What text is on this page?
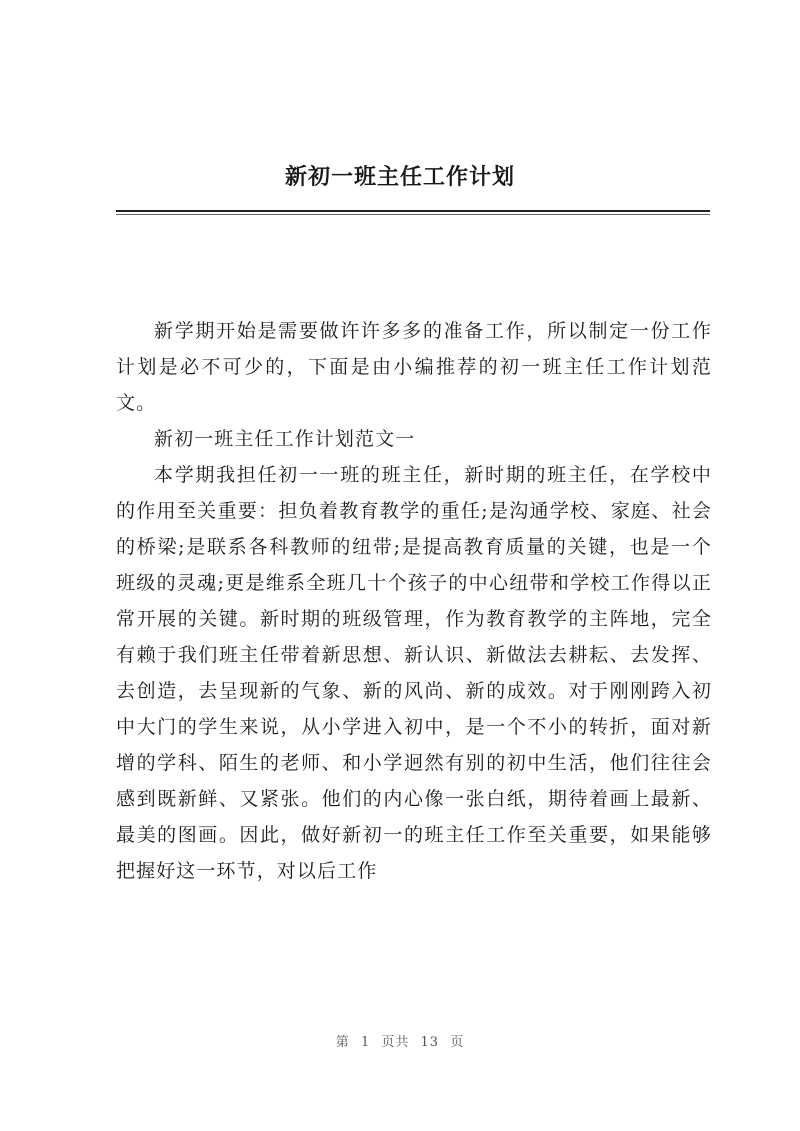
新初一班主任工作计划

新学期开始是需要做许许多多的准备工作，所以制定一份工作计划是必不可少的，下面是由小编推荐的初一班主任工作计划范文。

新初一班主任工作计划范文一

本学期我担任初一一班的班主任，新时期的班主任，在学校中的作用至关重要：担负着教育教学的重任;是沟通学校、家庭、社会的桥梁;是联系各科教师的纽带;是提高教育质量的关键，也是一个班级的灵魂;更是维系全班几十个孩子的中心纽带和学校工作得以正常开展的关键。新时期的班级管理，作为教育教学的主阵地，完全有赖于我们班主任带着新思想、新认识、新做法去耕耘、去发挥、去创造，去呈现新的气象、新的风尚、新的成效。对于刚刚跨入初中大门的学生来说，从小学进入初中，是一个不小的转折，面对新增的学科、陌生的老师、和小学迥然有别的初中生活，他们往往会感到既新鲜、又紧张。他们的内心像一张白纸，期待着画上最新、最美的图画。因此，做好新初一的班主任工作至关重要，如果能够把握好这一环节，对以后工作

第 1 页共 13 页
